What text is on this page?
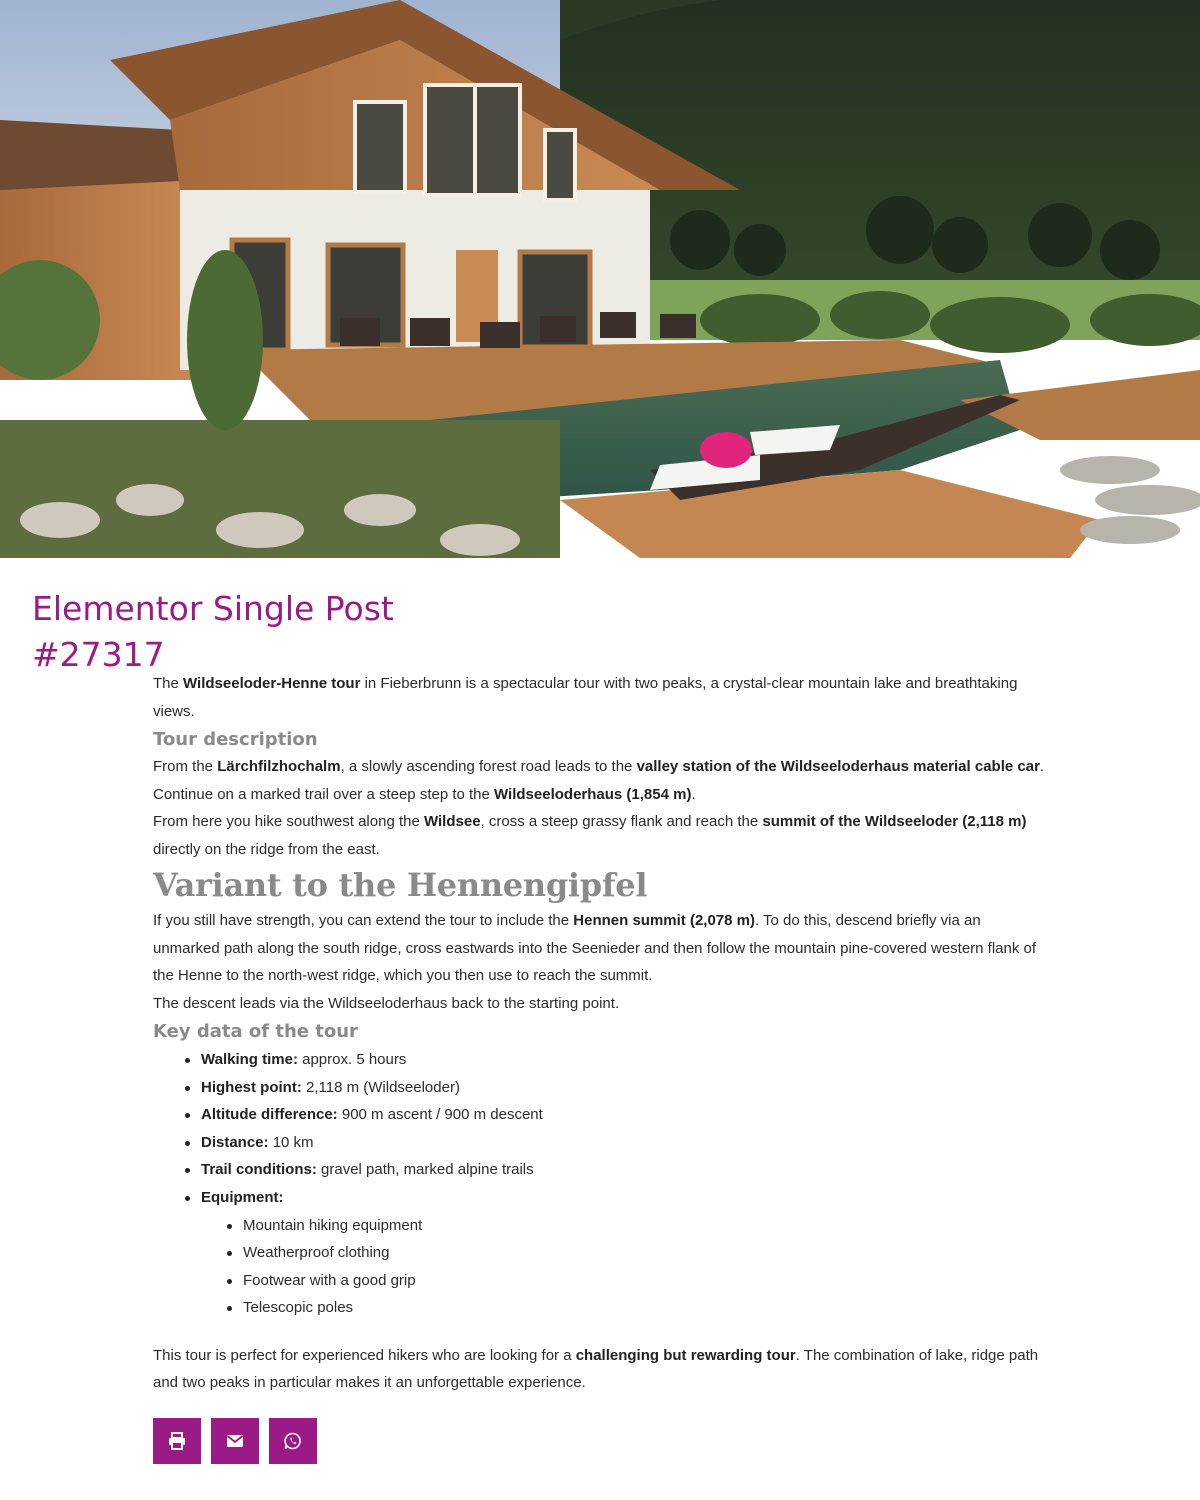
Elementor Single Post #27317

The Wildseeloder-Henne tour in Fieberbrunn is a spectacular tour with two peaks, a crystal-clear mountain lake and breathtaking views.

Tour description

From the Lärchfilzhochalm, a slowly ascending forest road leads to the valley station of the Wildseeloderhaus material cable car. Continue on a marked trail over a steep step to the Wildseeloderhaus (1,854 m).

From here you hike southwest along the Wildsee, cross a steep grassy flank and reach the summit of the Wildseeloder (2,118 m) directly on the ridge from the east.

Variant to the Hennengipfel

If you still have strength, you can extend the tour to include the Hennen summit (2,078 m). To do this, descend briefly via an unmarked path along the south ridge, cross eastwards into the Seenieder and then follow the mountain pine-covered western flank of the Henne to the north-west ridge, which you then use to reach the summit.

The descent leads via the Wildseeloderhaus back to the starting point.

Key data of the tour
Walking time: approx. 5 hours
Highest point: 2,118 m (Wildseeloder)
Altitude difference: 900 m ascent / 900 m descent
Distance: 10 km
Trail conditions: gravel path, marked alpine trails
Equipment:
Mountain hiking equipment
Weatherproof clothing
Footwear with a good grip
Telescopic poles

This tour is perfect for experienced hikers who are looking for a challenging but rewarding tour. The combination of lake, ridge path and two peaks in particular makes it an unforgettable experience.
